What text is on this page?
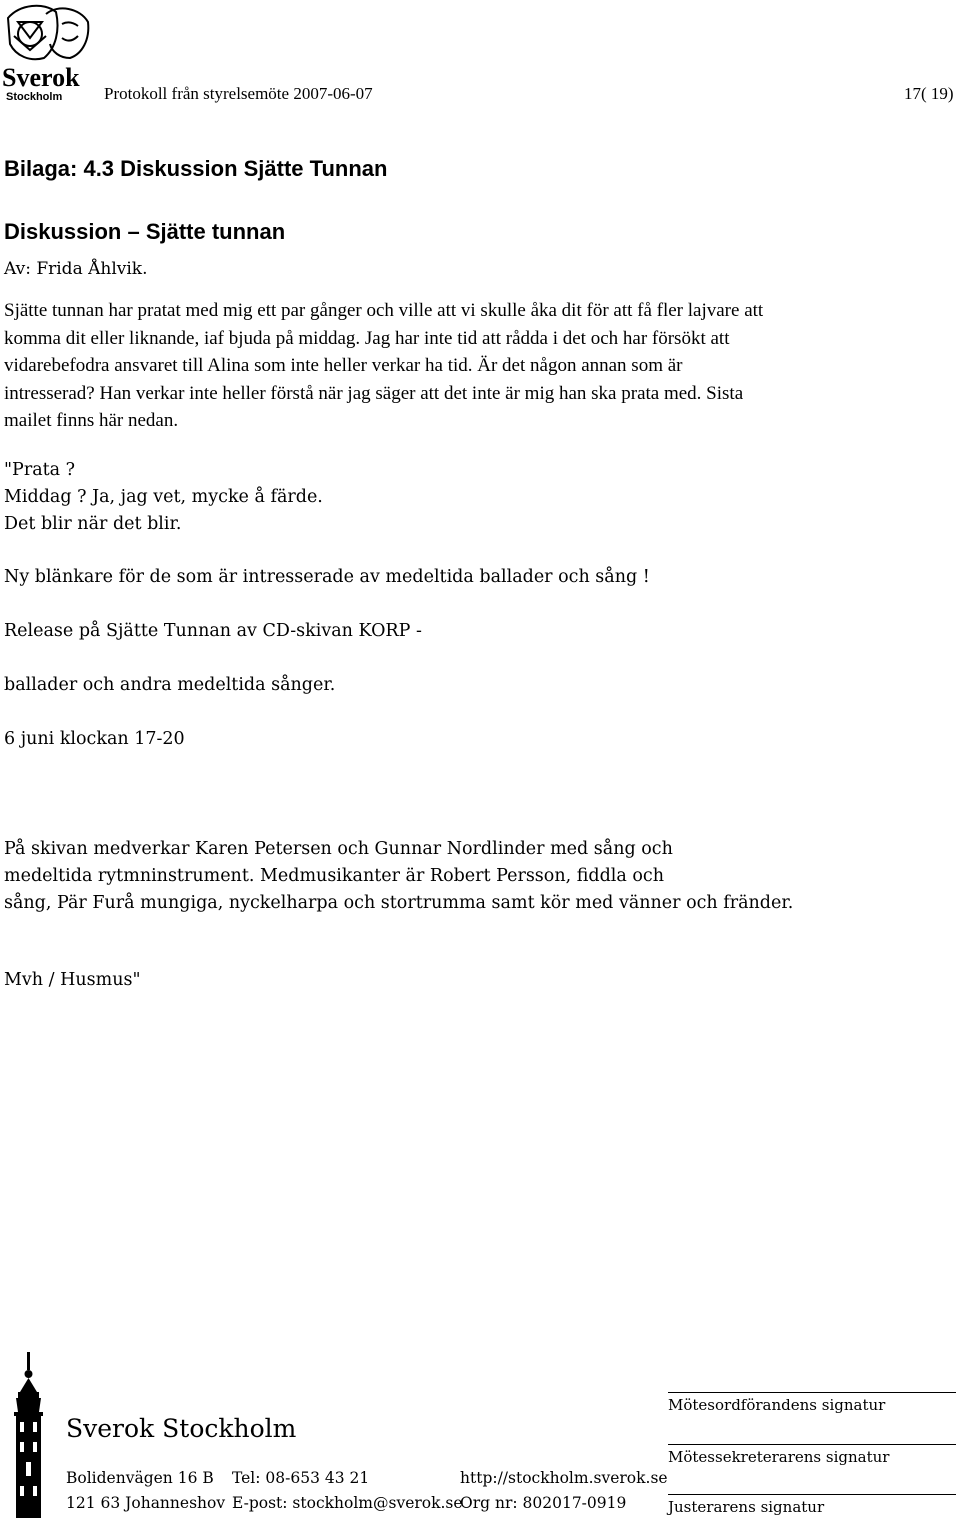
Sverok
Stockholm Protokoll från styrelsemöte 2007-06-07	17( 19)
Bilaga: 4.3 Diskussion Sjätte Tunnan
Diskussion – Sjätte tunnan
Av: Frida Åhlvik.
Sjätte tunnan har pratat med mig ett par gånger och ville att vi skulle åka dit för att få fler lajvare att
komma dit eller liknande, iaf bjuda på middag. Jag har inte tid att rådda i det och har försökt att
vidarebefodra ansvaret till Alina som inte heller verkar ha tid. Är det någon annan som är
intresserad? Han verkar inte heller förstå när jag säger att det inte är mig han ska prata med. Sista
mailet finns här nedan.
"Prata ?
Middag ? Ja, jag vet, mycke å färde.
Det blir när det blir.
Ny blänkare för de som är intresserade av medeltida ballader och sång !
Release på Sjätte Tunnan av CD-skivan KORP -
ballader och andra medeltida sånger.
6 juni klockan 17-20
På skivan medverkar Karen Petersen och Gunnar Nordlinder med sång och
medeltida rytmninstrument. Medmusikanter är Robert Persson, fiddla och
sång, Pär Furå mungiga, nyckelharpa och stortrumma samt kör med vänner och fränder.
Mvh / Husmus"
Sverok Stockholm
Bolidenvägen 16 B
121 63 Johanneshov
Tel: 08-653 43 21
E-post: stockholm@sverok.se
http://stockholm.sverok.se
Org nr: 802017-0919
Mötesordförandens signatur
Mötessekreterarens signatur
Justerarens signatur
